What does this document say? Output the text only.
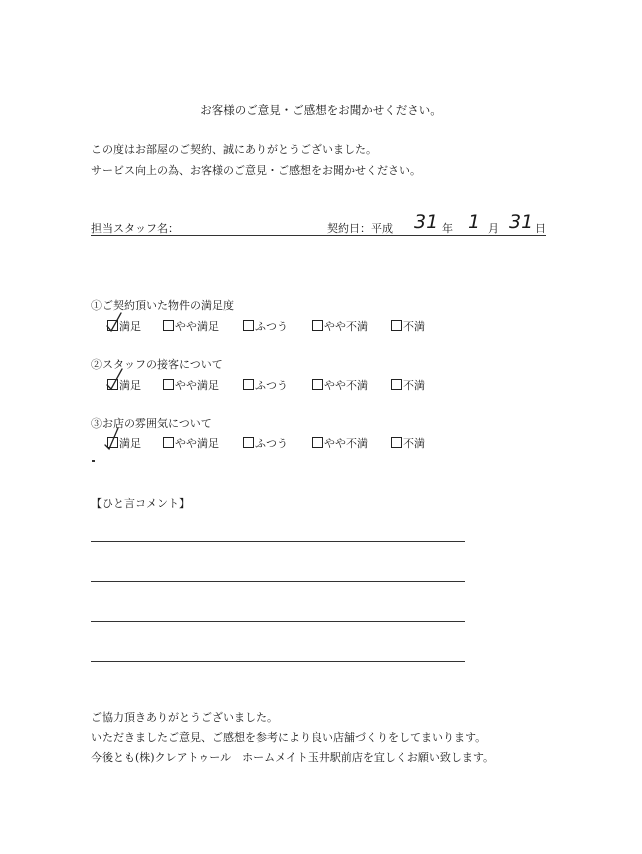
お客様のご意見・ご感想をお聞かせください。
この度はお部屋のご契約、誠にありがとうございました。
サービス向上の為、お客様のご意見・ご感想をお聞かせください。
担当スタッフ名：	契約日：平成 31 年 1 月 31 日
①ご契約頂いた物件の満足度
満足	やや満足	ふつう	やや不満	不満
②スタッフの接客について
満足	やや満足	ふつう	やや不満	不満
③お店の雰囲気について
満足	やや満足	ふつう	やや不満	不満
【ひと言コメント】
ご協力頂きありがとうございました。
いただきましたご意見、ご感想を参考により良い店舗づくりをしてまいります。
今後とも(株)クレアトゥール　ホームメイト玉井駅前店を宜しくお願い致します。
